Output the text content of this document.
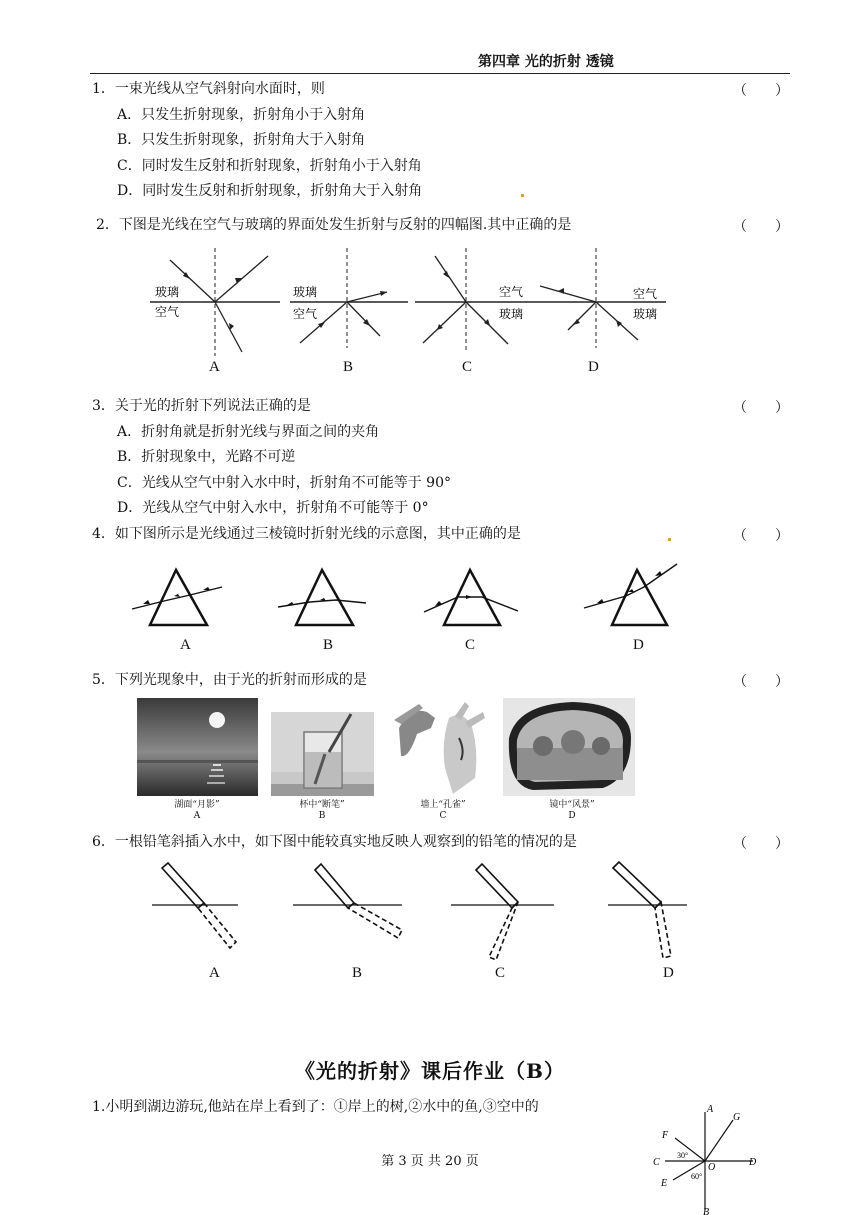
第四章 光的折射 透镜
1．一束光线从空气斜射向水面时，则	（　　）
A．只发生折射现象，折射角小于入射角
B．只发生折射现象，折射角大于入射角
C．同时发生反射和折射现象，折射角小于入射角
D．同时发生反射和折射现象，折射角大于入射角
2．下图是光线在空气与玻璃的界面处发生折射与反射的四幅图.其中正确的是	（　　）
玻璃
空气
玻璃
空气
空气
玻璃
空气
玻璃
A	B	C	D
3．关于光的折射下列说法正确的是	（　　）
A．折射角就是折射光线与界面之间的夹角
B．折射现象中，光路不可逆
C．光线从空气中射入水中时，折射角不可能等于 90°
D．光线从空气中射入水中，折射角不可能等于 0°
4．如下图所示是光线通过三棱镜时折射光线的示意图，其中正确的是	（　　）
A	B	C	D
5．下列光现象中，由于光的折射而形成的是	（　　）
湖面“月影”
A
杯中“断笔”
B
墙上“孔雀”
C
镜中“风景”
D
6．一根铅笔斜插入水中，如下图中能较真实地反映人观察到的铅笔的情况的是	（　　）
A	B	C	D
《光的折射》课后作业（B）
1.小明到湖边游玩,他站在岸上看到了：①岸上的树,②水中的鱼,③空中的	A
G
F
C	D
O
E
B
30°
60°
第 3 页 共 20 页
